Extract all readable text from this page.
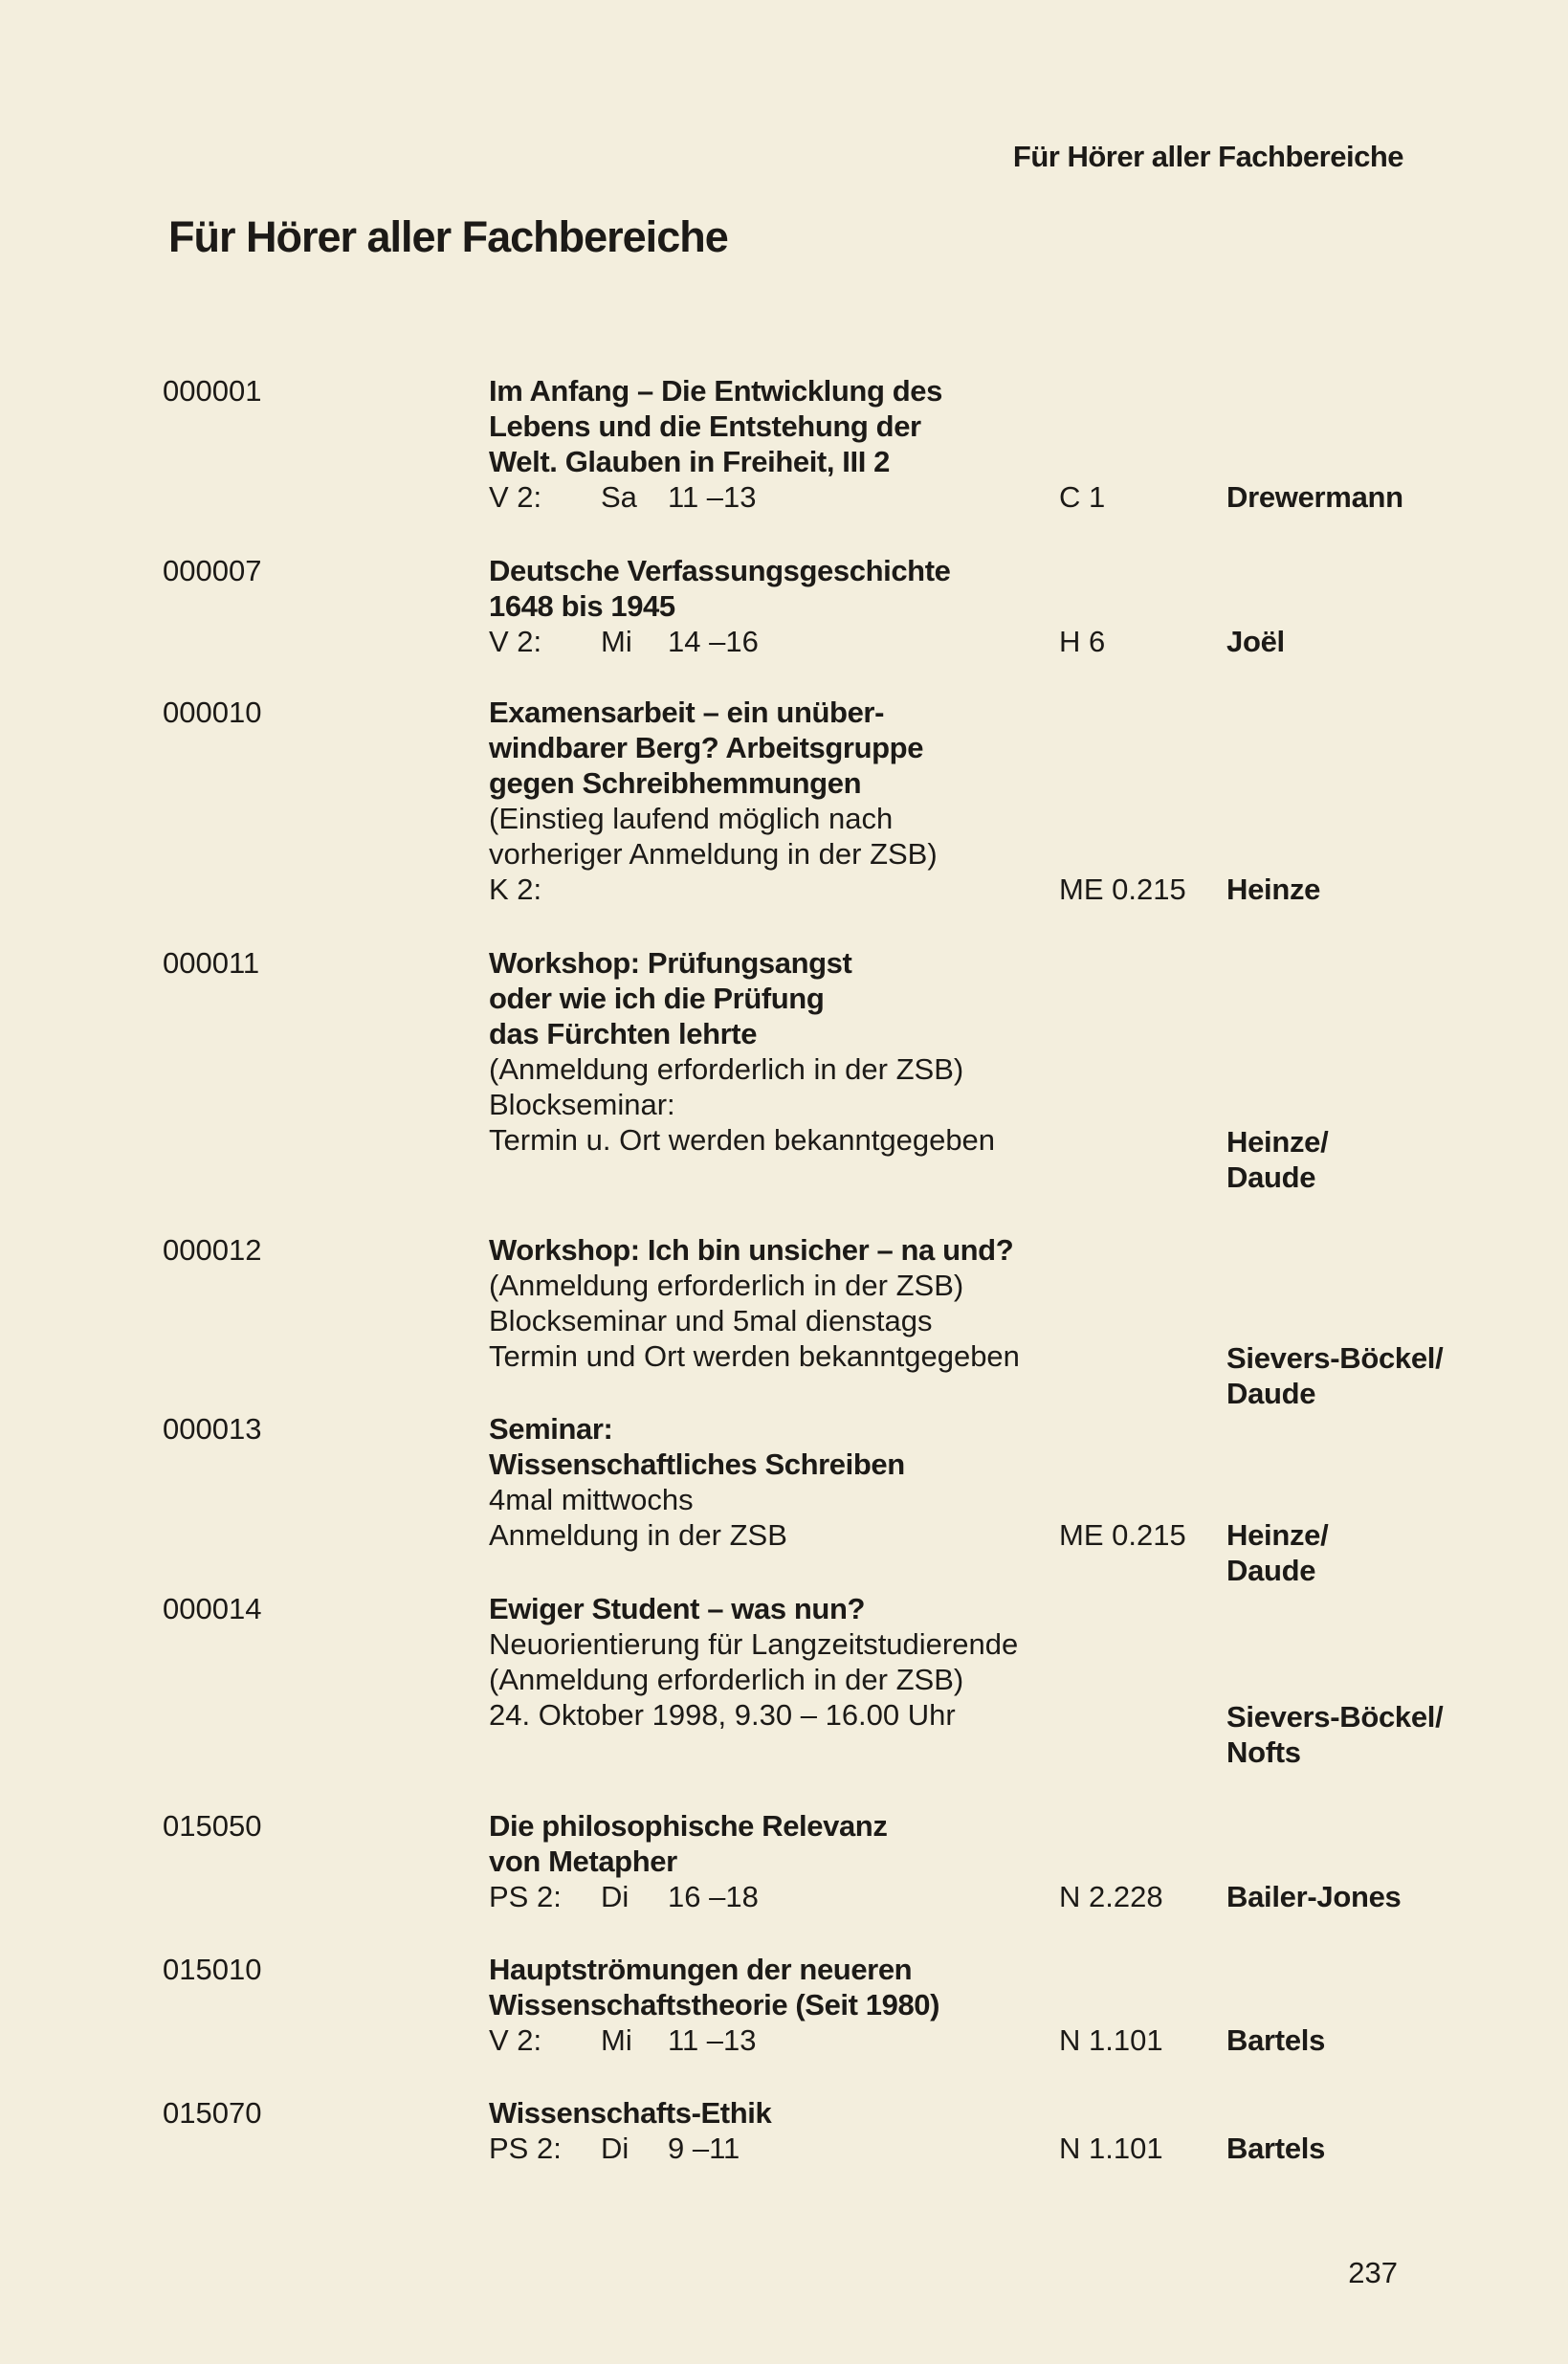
Für Hörer aller Fachbereiche
Für Hörer aller Fachbereiche
000001	Im Anfang – Die Entwicklung des
Lebens und die Entstehung der
Welt. Glauben in Freiheit, III 2
V 2:	Sa	11 –13	C 1	Drewermann
000007	Deutsche Verfassungsgeschichte
1648 bis 1945
V 2:	Mi	14 –16	H 6	Joël
000010	Examensarbeit – ein unüber-
windbarer Berg? Arbeitsgruppe
gegen Schreibhemmungen
(Einstieg laufend möglich nach
vorheriger Anmeldung in der ZSB)
K 2:	ME 0.215 Heinze
000011	Workshop: Prüfungsangst
oder wie ich die Prüfung
das Fürchten lehrte
(Anmeldung erforderlich in der ZSB)
Blockseminar:
Termin u. Ort werden bekanntgegeben	Heinze/
Daude
000012	Workshop: Ich bin unsicher – na und?
(Anmeldung erforderlich in der ZSB)
Blockseminar und 5mal dienstags
Termin und Ort werden bekanntgegeben	Sievers-Böckel/
Daude
000013	Seminar:
Wissenschaftliches Schreiben
4mal mittwochs
Anmeldung in der ZSB	ME 0.215 Heinze/
Daude
000014	Ewiger Student – was nun?
Neuorientierung für Langzeitstudierende
(Anmeldung erforderlich in der ZSB)
24. Oktober 1998, 9.30 – 16.00 Uhr	Sievers-Böckel/
Nofts
015050	Die philosophische Relevanz
von Metapher
PS 2:	Di	16 –18	N 2.228 Bailer-Jones
015010	Hauptströmungen der neueren
Wissenschaftstheorie (Seit 1980)
V 2:	Mi	11 –13	N 1.101 Bartels
015070	Wissenschafts-Ethik
PS 2:	Di	9 –11	N 1.101 Bartels
237
